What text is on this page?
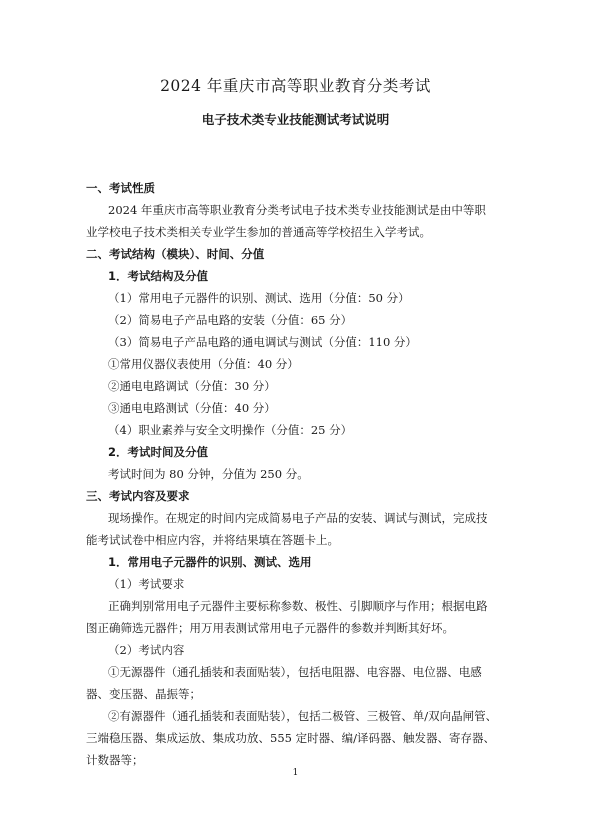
2024 年重庆市高等职业教育分类考试
电子技术类专业技能测试考试说明
一、考试性质
2024 年重庆市高等职业教育分类考试电子技术类专业技能测试是由中等职
业学校电子技术类相关专业学生参加的普通高等学校招生入学考试。
二、考试结构（模块）、时间、分值
1．考试结构及分值
（1）常用电子元器件的识别、测试、选用（分值：50 分）
（2）简易电子产品电路的安装（分值：65 分）
（3）简易电子产品电路的通电调试与测试（分值：110 分）
①常用仪器仪表使用（分值：40 分）
②通电电路调试（分值：30 分）
③通电电路测试（分值：40 分）
（4）职业素养与安全文明操作（分值：25 分）
2．考试时间及分值
考试时间为 80 分钟，分值为 250 分。
三、考试内容及要求
现场操作。在规定的时间内完成简易电子产品的安装、调试与测试，完成技
能考试试卷中相应内容，并将结果填在答题卡上。
1．常用电子元器件的识别、测试、选用
（1）考试要求
正确判别常用电子元器件主要标称参数、极性、引脚顺序与作用；根据电路
图正确筛选元器件；用万用表测试常用电子元器件的参数并判断其好坏。
（2）考试内容
①无源器件（通孔插装和表面贴装），包括电阻器、电容器、电位器、电感
器、变压器、晶振等；
②有源器件（通孔插装和表面贴装），包括二极管、三极管、单/双向晶闸管、
三端稳压器、集成运放、集成功放、555 定时器、编/译码器、触发器、寄存器、
计数器等；
1
